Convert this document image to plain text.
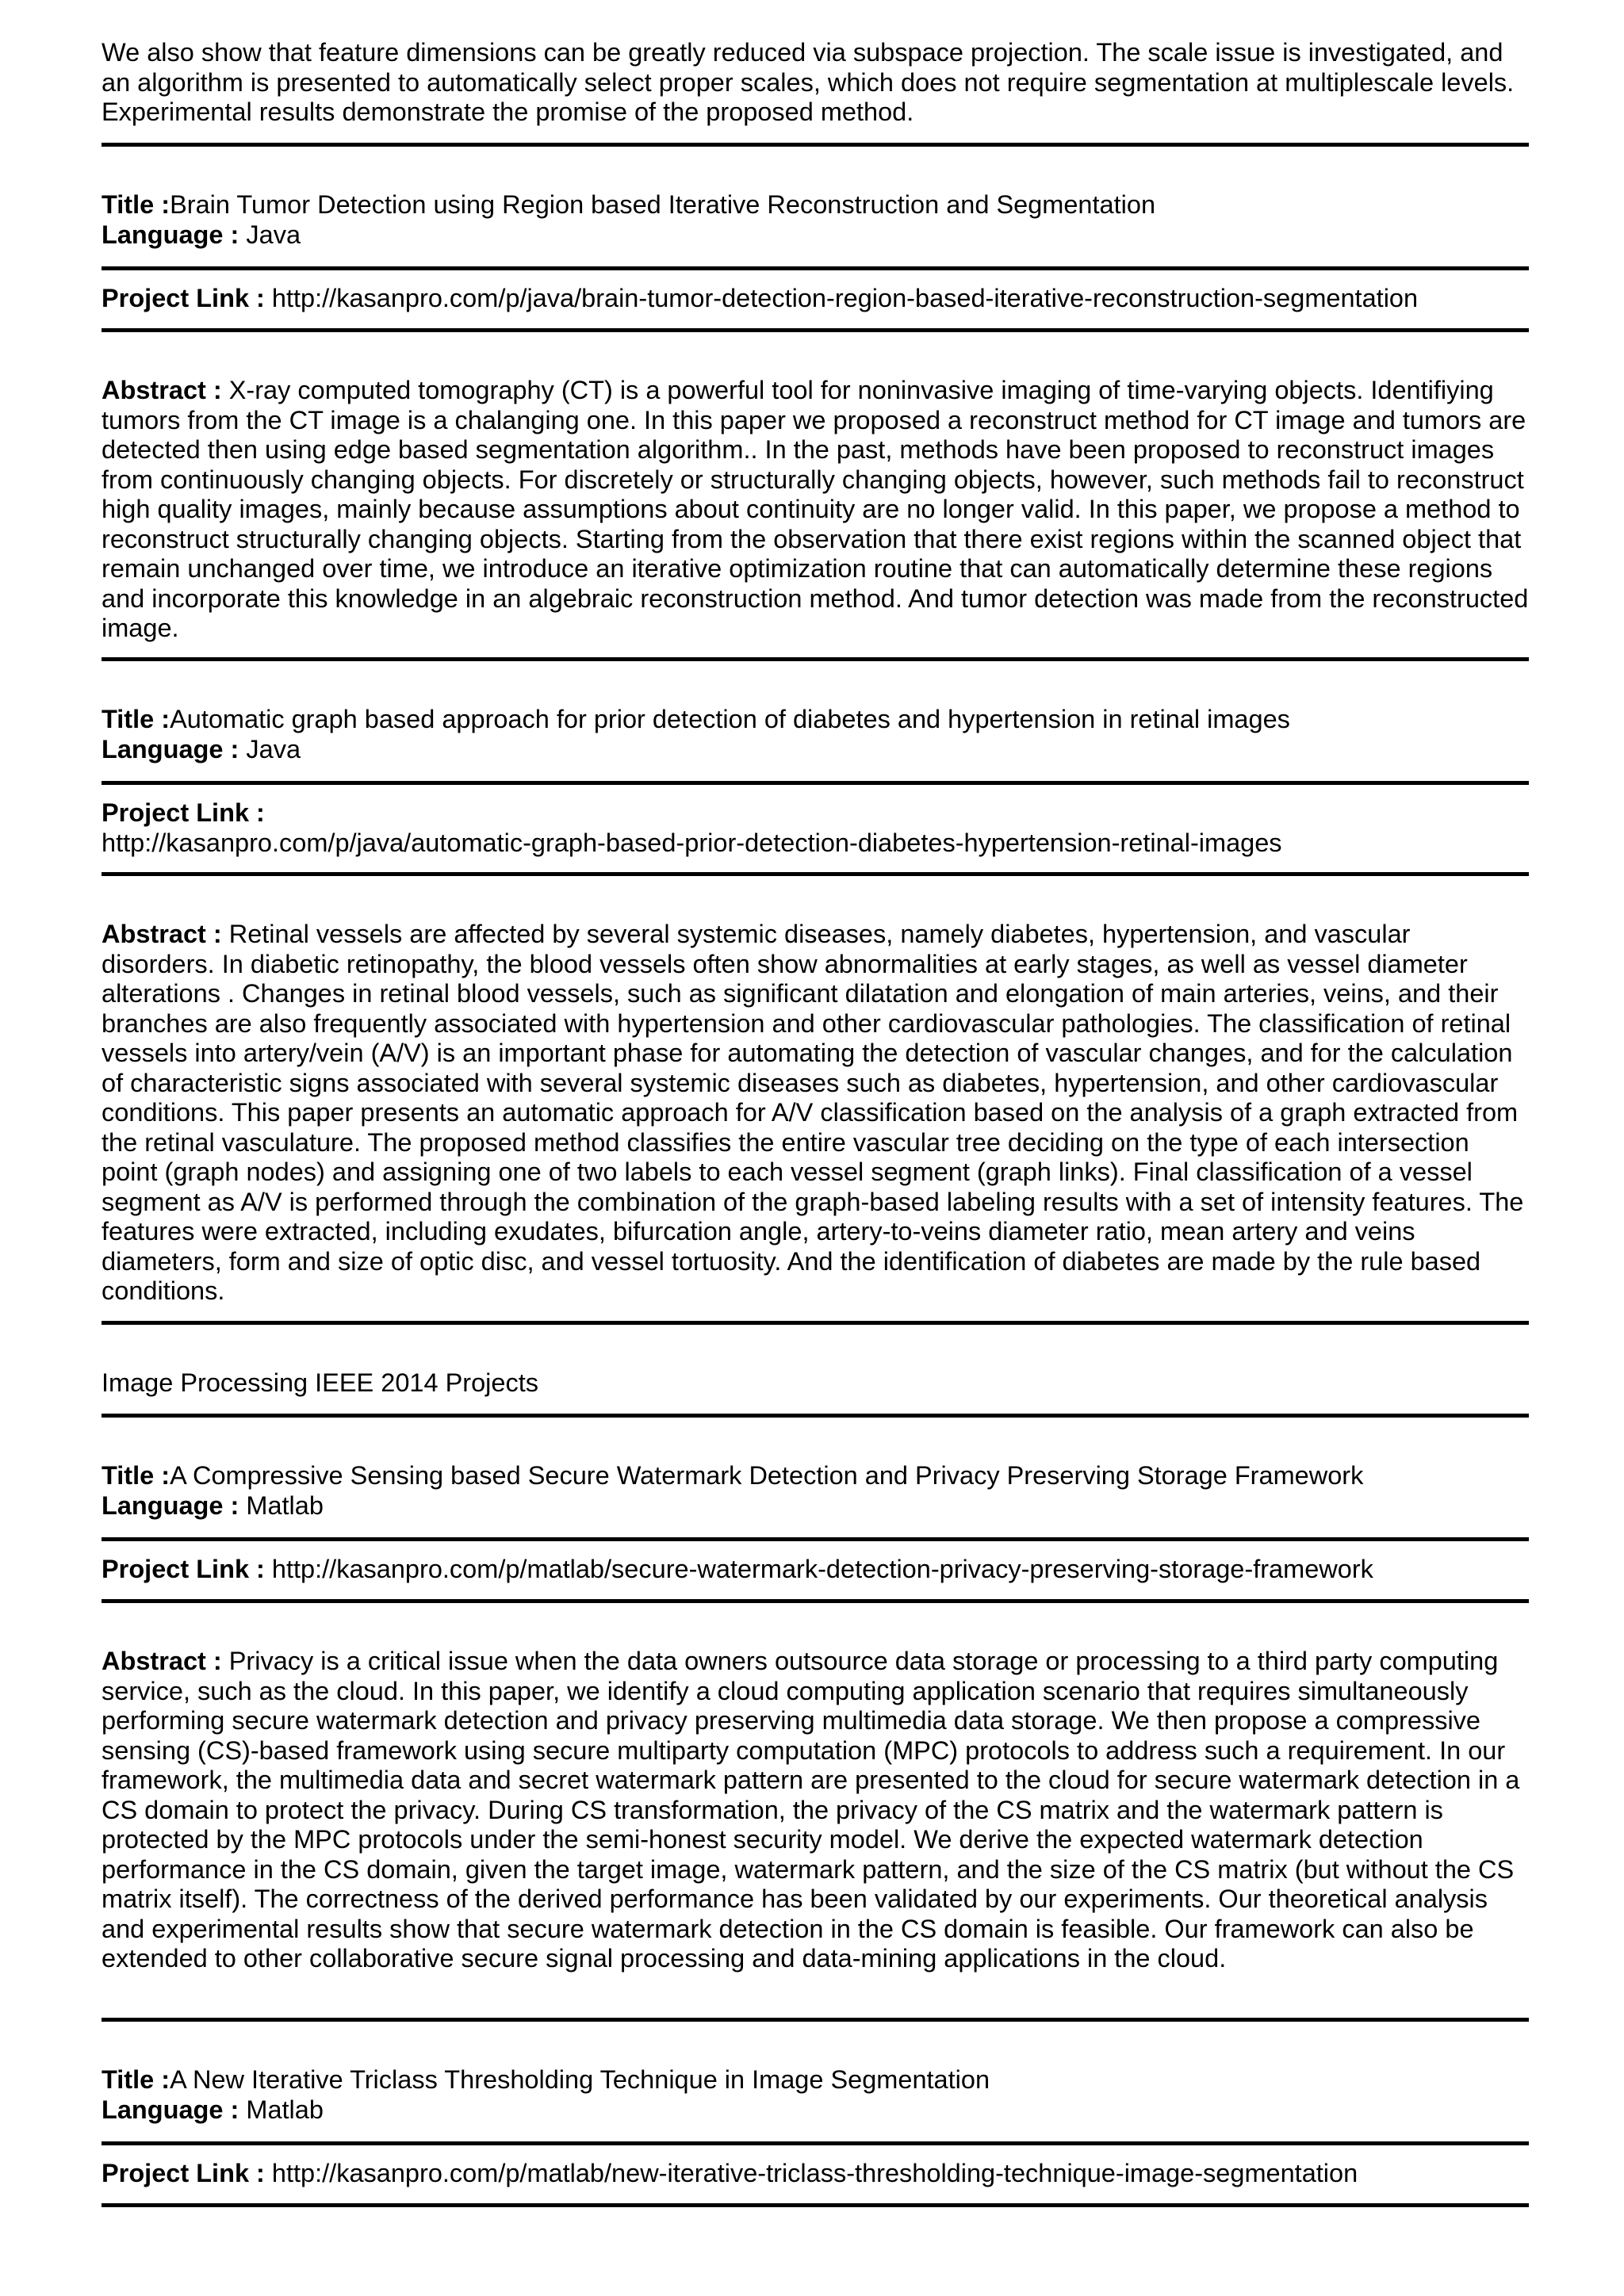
We also show that feature dimensions can be greatly reduced via subspace projection. The scale issue is investigated, and an algorithm is presented to automatically select proper scales, which does not require segmentation at multiplescale levels. Experimental results demonstrate the promise of the proposed method.

Title :Brain Tumor Detection using Region based Iterative Reconstruction and Segmentation

Language : Java

Project Link : http://kasanpro.com/p/java/brain-tumor-detection-region-based-iterative-reconstruction-segmentation

Abstract : X-ray computed tomography (CT) is a powerful tool for noninvasive imaging of time-varying objects. Identifiying tumors from the CT image is a chalanging one. In this paper we proposed a reconstruct method for CT image and tumors are detected then using edge based segmentation algorithm.. In the past, methods have been proposed to reconstruct images from continuously changing objects. For discretely or structurally changing objects, however, such methods fail to reconstruct high quality images, mainly because assumptions about continuity are no longer valid. In this paper, we propose a method to reconstruct structurally changing objects. Starting from the observation that there exist regions within the scanned object that remain unchanged over time, we introduce an iterative optimization routine that can automatically determine these regions and incorporate this knowledge in an algebraic reconstruction method. And tumor detection was made from the reconstructed image.

Title :Automatic graph based approach for prior detection of diabetes and hypertension in retinal images

Language : Java

Project Link :
http://kasanpro.com/p/java/automatic-graph-based-prior-detection-diabetes-hypertension-retinal-images

Abstract : Retinal vessels are affected by several systemic diseases, namely diabetes, hypertension, and vascular disorders. In diabetic retinopathy, the blood vessels often show abnormalities at early stages, as well as vessel diameter alterations . Changes in retinal blood vessels, such as significant dilatation and elongation of main arteries, veins, and their branches are also frequently associated with hypertension and other cardiovascular pathologies. The classification of retinal vessels into artery/vein (A/V) is an important phase for automating the detection of vascular changes, and for the calculation of characteristic signs associated with several systemic diseases such as diabetes, hypertension, and other cardiovascular conditions. This paper presents an automatic approach for A/V classification based on the analysis of a graph extracted from the retinal vasculature. The proposed method classifies the entire vascular tree deciding on the type of each intersection point (graph nodes) and assigning one of two labels to each vessel segment (graph links). Final classification of a vessel segment as A/V is performed through the combination of the graph-based labeling results with a set of intensity features. The features were extracted, including exudates, bifurcation angle, artery-to-veins diameter ratio, mean artery and veins diameters, form and size of optic disc, and vessel tortuosity. And the identification of diabetes are made by the rule based conditions.

Image Processing IEEE 2014 Projects

Title :A Compressive Sensing based Secure Watermark Detection and Privacy Preserving Storage Framework

Language : Matlab

Project Link : http://kasanpro.com/p/matlab/secure-watermark-detection-privacy-preserving-storage-framework

Abstract : Privacy is a critical issue when the data owners outsource data storage or processing to a third party computing service, such as the cloud. In this paper, we identify a cloud computing application scenario that requires simultaneously performing secure watermark detection and privacy preserving multimedia data storage. We then propose a compressive sensing (CS)-based framework using secure multiparty computation (MPC) protocols to address such a requirement. In our framework, the multimedia data and secret watermark pattern are presented to the cloud for secure watermark detection in a CS domain to protect the privacy. During CS transformation, the privacy of the CS matrix and the watermark pattern is protected by the MPC protocols under the semi-honest security model. We derive the expected watermark detection performance in the CS domain, given the target image, watermark pattern, and the size of the CS matrix (but without the CS matrix itself). The correctness of the derived performance has been validated by our experiments. Our theoretical analysis and experimental results show that secure watermark detection in the CS domain is feasible. Our framework can also be extended to other collaborative secure signal processing and data-mining applications in the cloud.

Title :A New Iterative Triclass Thresholding Technique in Image Segmentation

Language : Matlab

Project Link : http://kasanpro.com/p/matlab/new-iterative-triclass-thresholding-technique-image-segmentation
